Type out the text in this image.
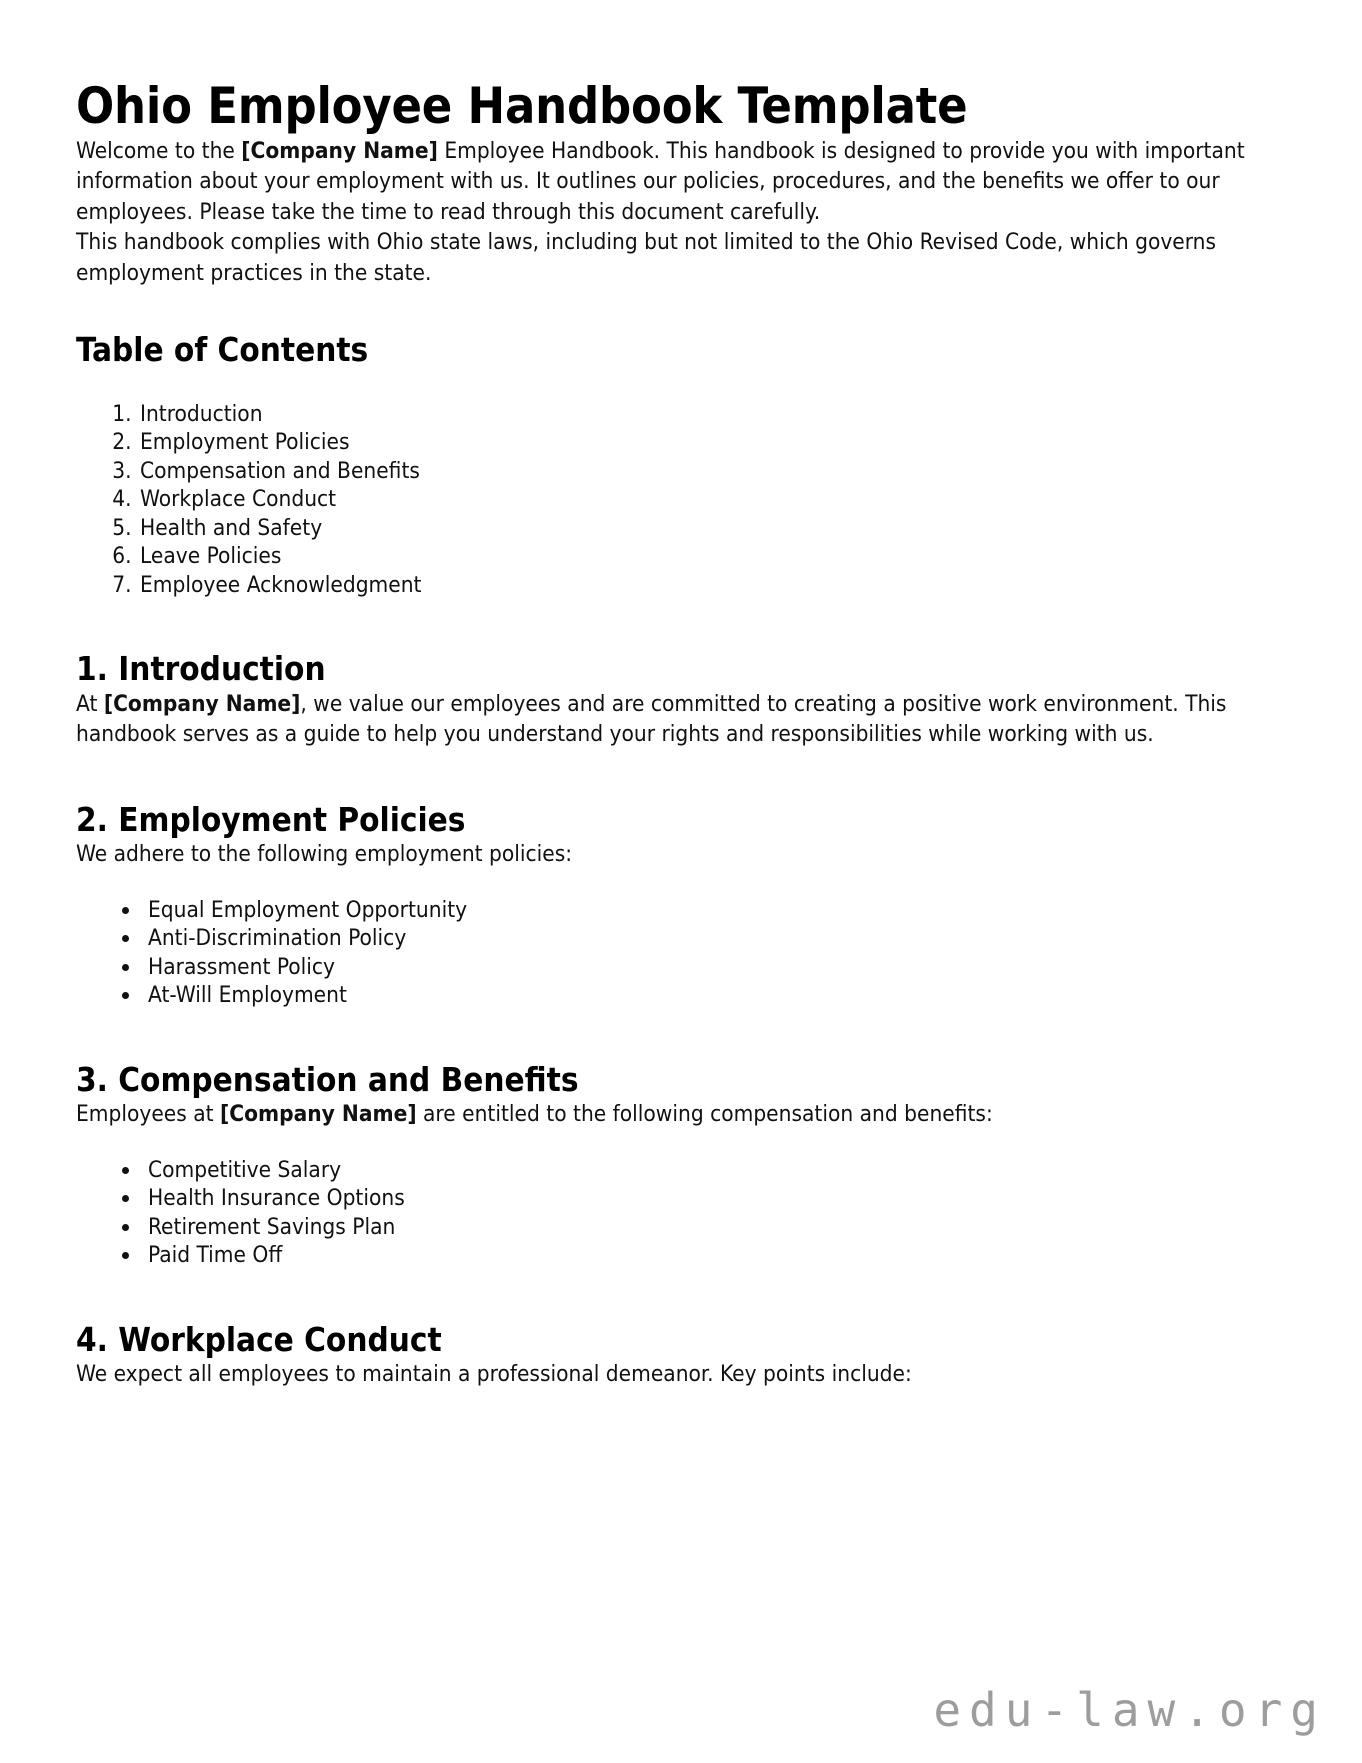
Ohio Employee Handbook Template

Welcome to the [Company Name] Employee Handbook. This handbook is designed to provide you with important information about your employment with us. It outlines our policies, procedures, and the benefits we offer to our employees. Please take the time to read through this document carefully.

This handbook complies with Ohio state laws, including but not limited to the Ohio Revised Code, which governs employment practices in the state.

Table of Contents
1. Introduction
2. Employment Policies
3. Compensation and Benefits
4. Workplace Conduct
5. Health and Safety
6. Leave Policies
7. Employee Acknowledgment
1. Introduction

At [Company Name], we value our employees and are committed to creating a positive work environment. This handbook serves as a guide to help you understand your rights and responsibilities while working with us.

2. Employment Policies

We adhere to the following employment policies:

• Equal Employment Opportunity
• Anti-Discrimination Policy
• Harassment Policy
• At-Will Employment
3. Compensation and Benefits

Employees at [Company Name] are entitled to the following compensation and benefits:

• Competitive Salary
• Health Insurance Options
• Retirement Savings Plan
• Paid Time Off
4. Workplace Conduct

We expect all employees to maintain a professional demeanor. Key points include:

edu-law.org
